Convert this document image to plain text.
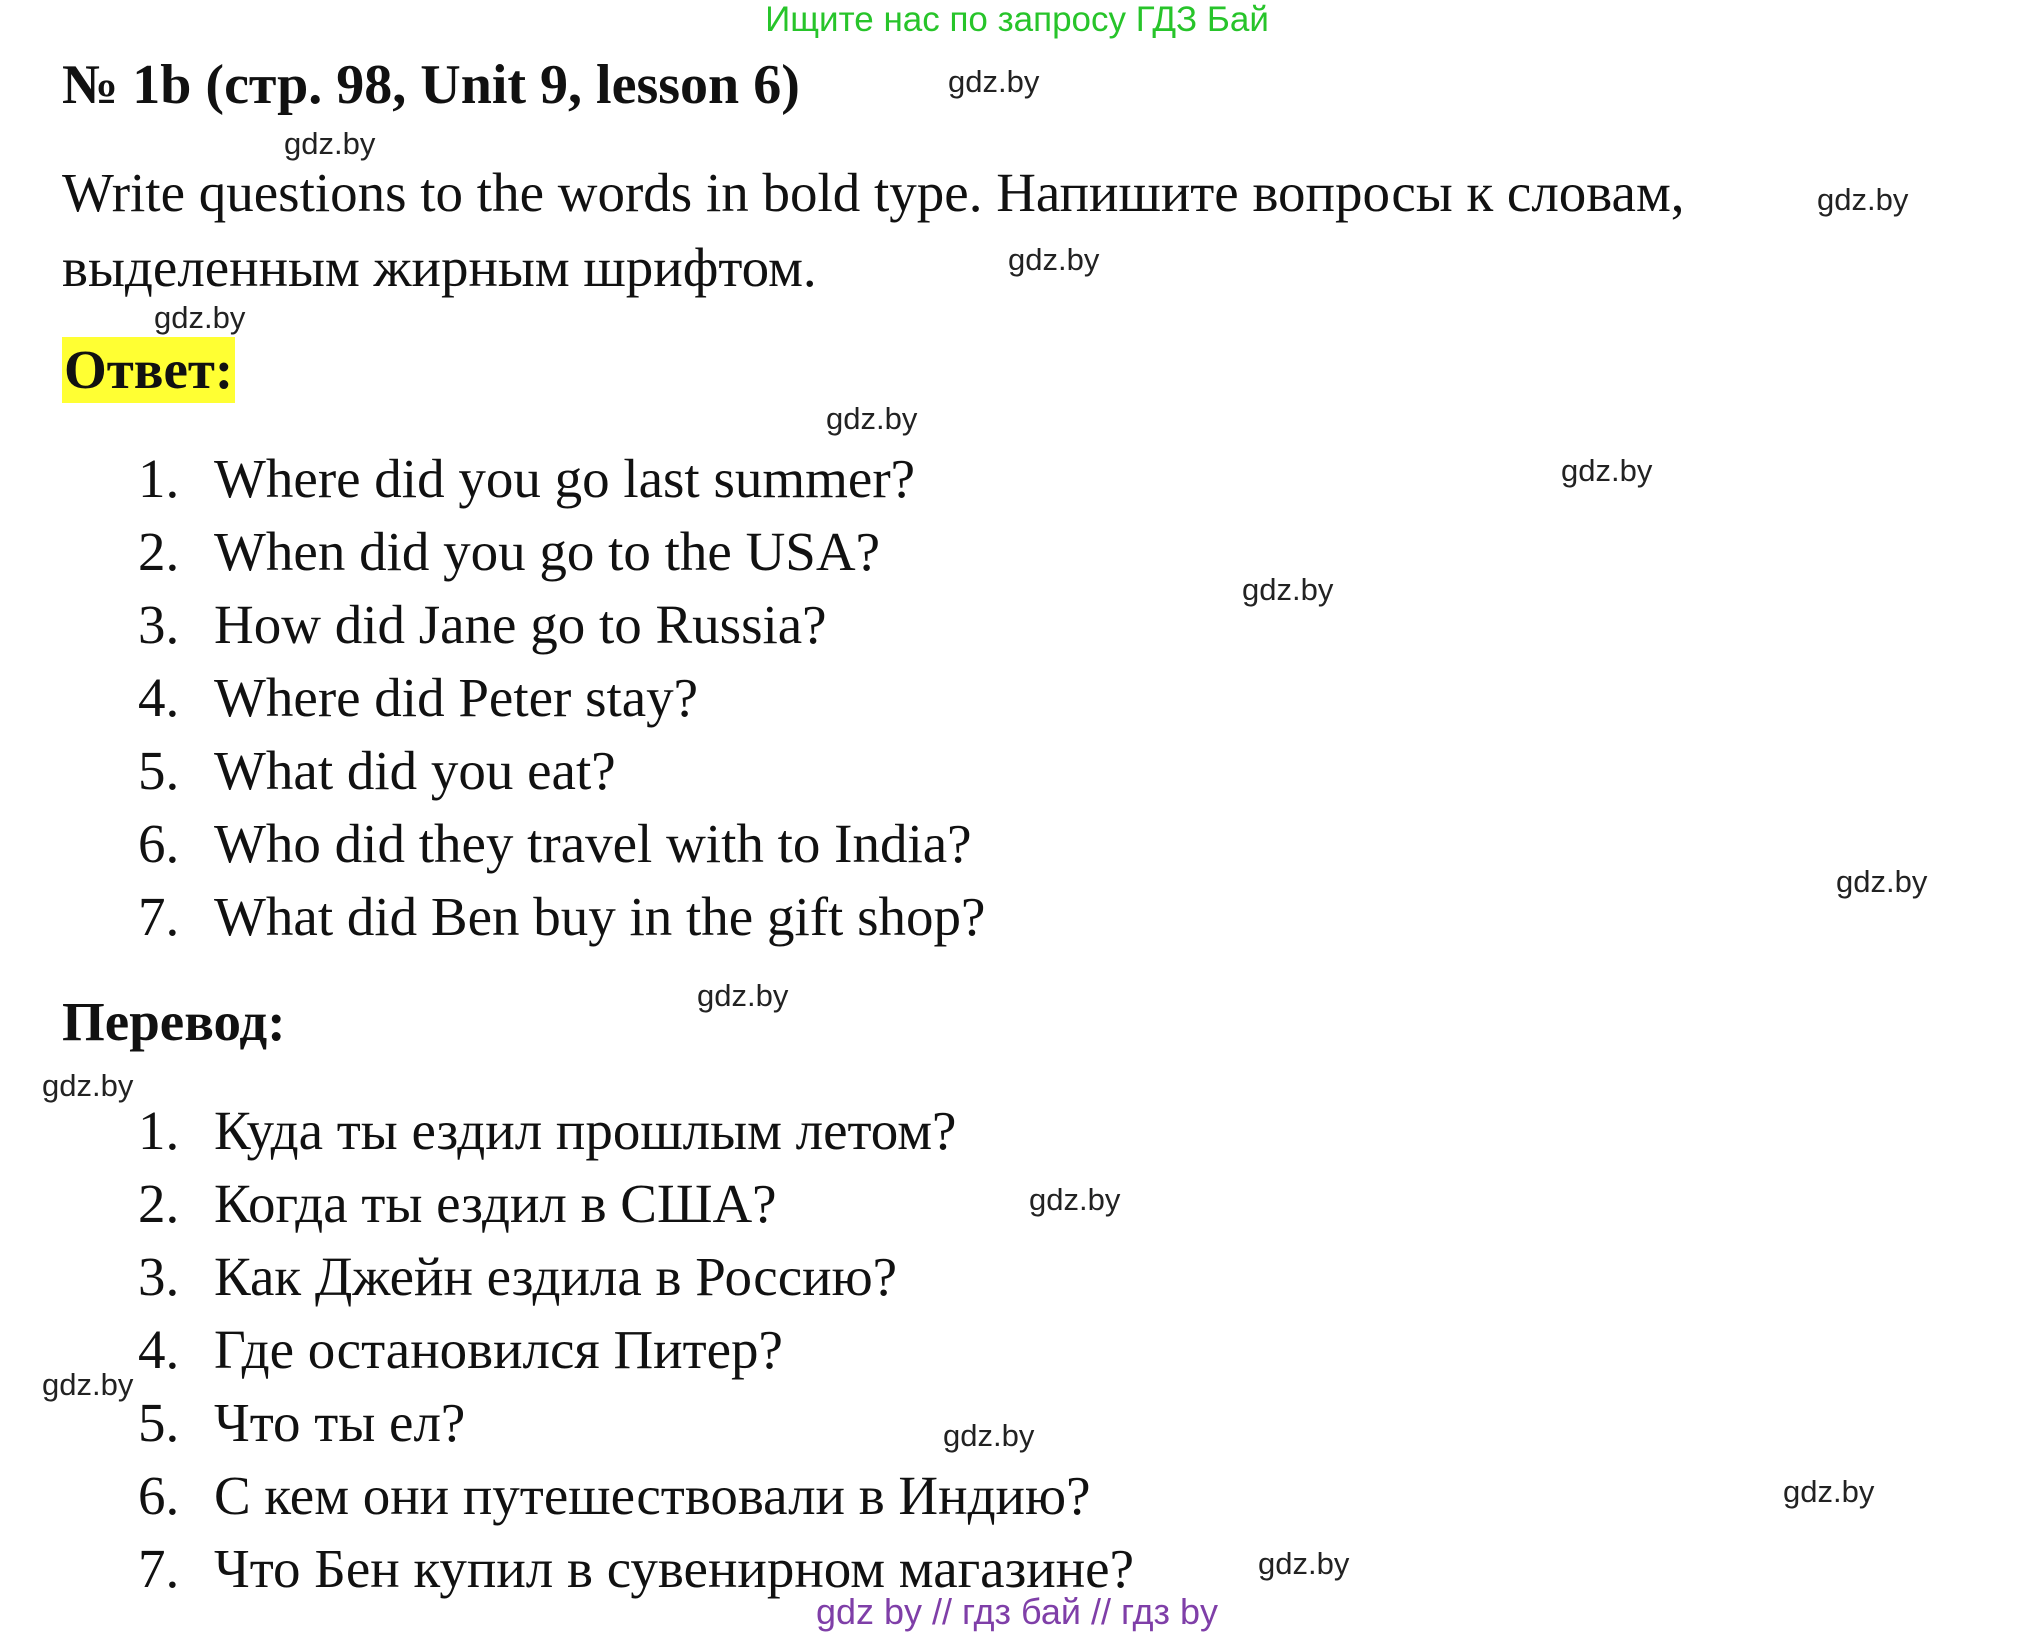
Ищите нас по запросу ГДЗ Бай
№ 1b (стр. 98, Unit 9, lesson 6)
Write questions to the words in bold type. Напишите вопросы к словам,
выделенным жирным шрифтом.
Ответ:
1. Where did you go last summer?
2. When did you go to the USA?
3. How did Jane go to Russia?
4. Where did Peter stay?
5. What did you eat?
6. Who did they travel with to India?
7. What did Ben buy in the gift shop?
Перевод:
1. Куда ты ездил прошлым летом?
2. Когда ты ездил в США?
3. Как Джейн ездила в Россию?
4. Где остановился Питер?
5. Что ты ел?
6. С кем они путешествовали в Индию?
7. Что Бен купил в сувенирном магазине?
gdz.by
gdz.by
gdz.by
gdz.by
gdz.by
gdz.by
gdz.by
gdz.by
gdz.by
gdz.by
gdz.by
gdz.by
gdz.by
gdz.by
gdz.by
gdz.by
gdz by // гдз бай // гдз by
